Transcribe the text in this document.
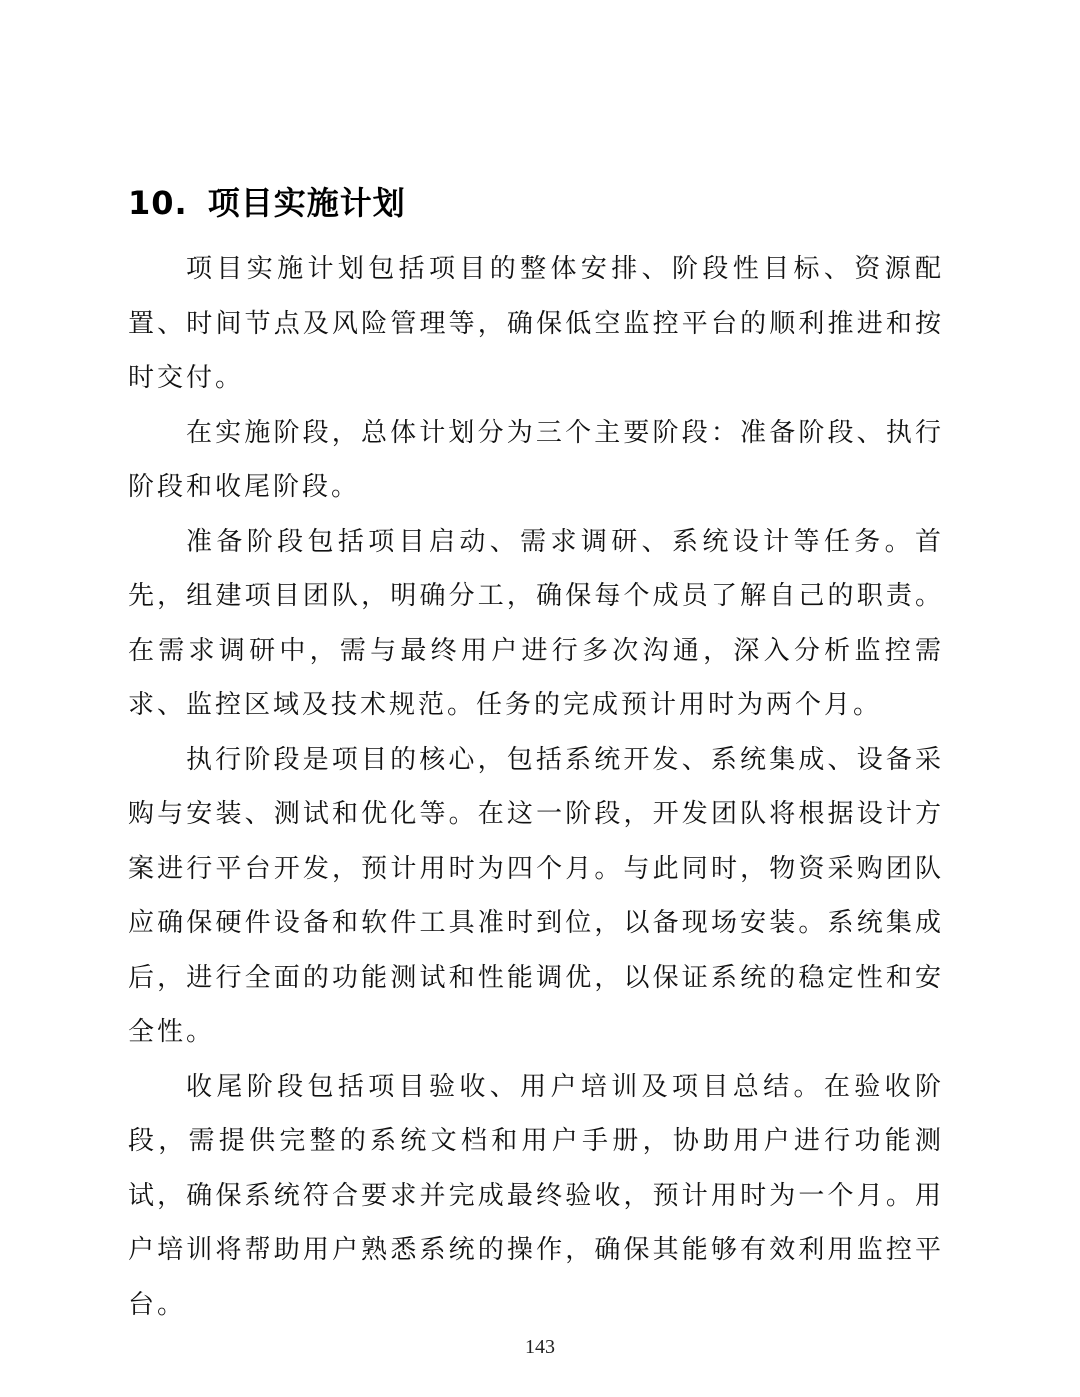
10. 项目实施计划

项目实施计划包括项目的整体安排、阶段性目标、资源配置、时间节点及风险管理等，确保低空监控平台的顺利推进和按时交付。

在实施阶段，总体计划分为三个主要阶段：准备阶段、执行阶段和收尾阶段。

准备阶段包括项目启动、需求调研、系统设计等任务。首先，组建项目团队，明确分工，确保每个成员了解自己的职责。在需求调研中，需与最终用户进行多次沟通，深入分析监控需求、监控区域及技术规范。任务的完成预计用时为两个月。

执行阶段是项目的核心，包括系统开发、系统集成、设备采购与安装、测试和优化等。在这一阶段，开发团队将根据设计方案进行平台开发，预计用时为四个月。与此同时，物资采购团队应确保硬件设备和软件工具准时到位，以备现场安装。系统集成后，进行全面的功能测试和性能调优，以保证系统的稳定性和安全性。

收尾阶段包括项目验收、用户培训及项目总结。在验收阶段，需提供完整的系统文档和用户手册，协助用户进行功能测试，确保系统符合要求并完成最终验收，预计用时为一个月。用户培训将帮助用户熟悉系统的操作，确保其能够有效利用监控平台。

143
